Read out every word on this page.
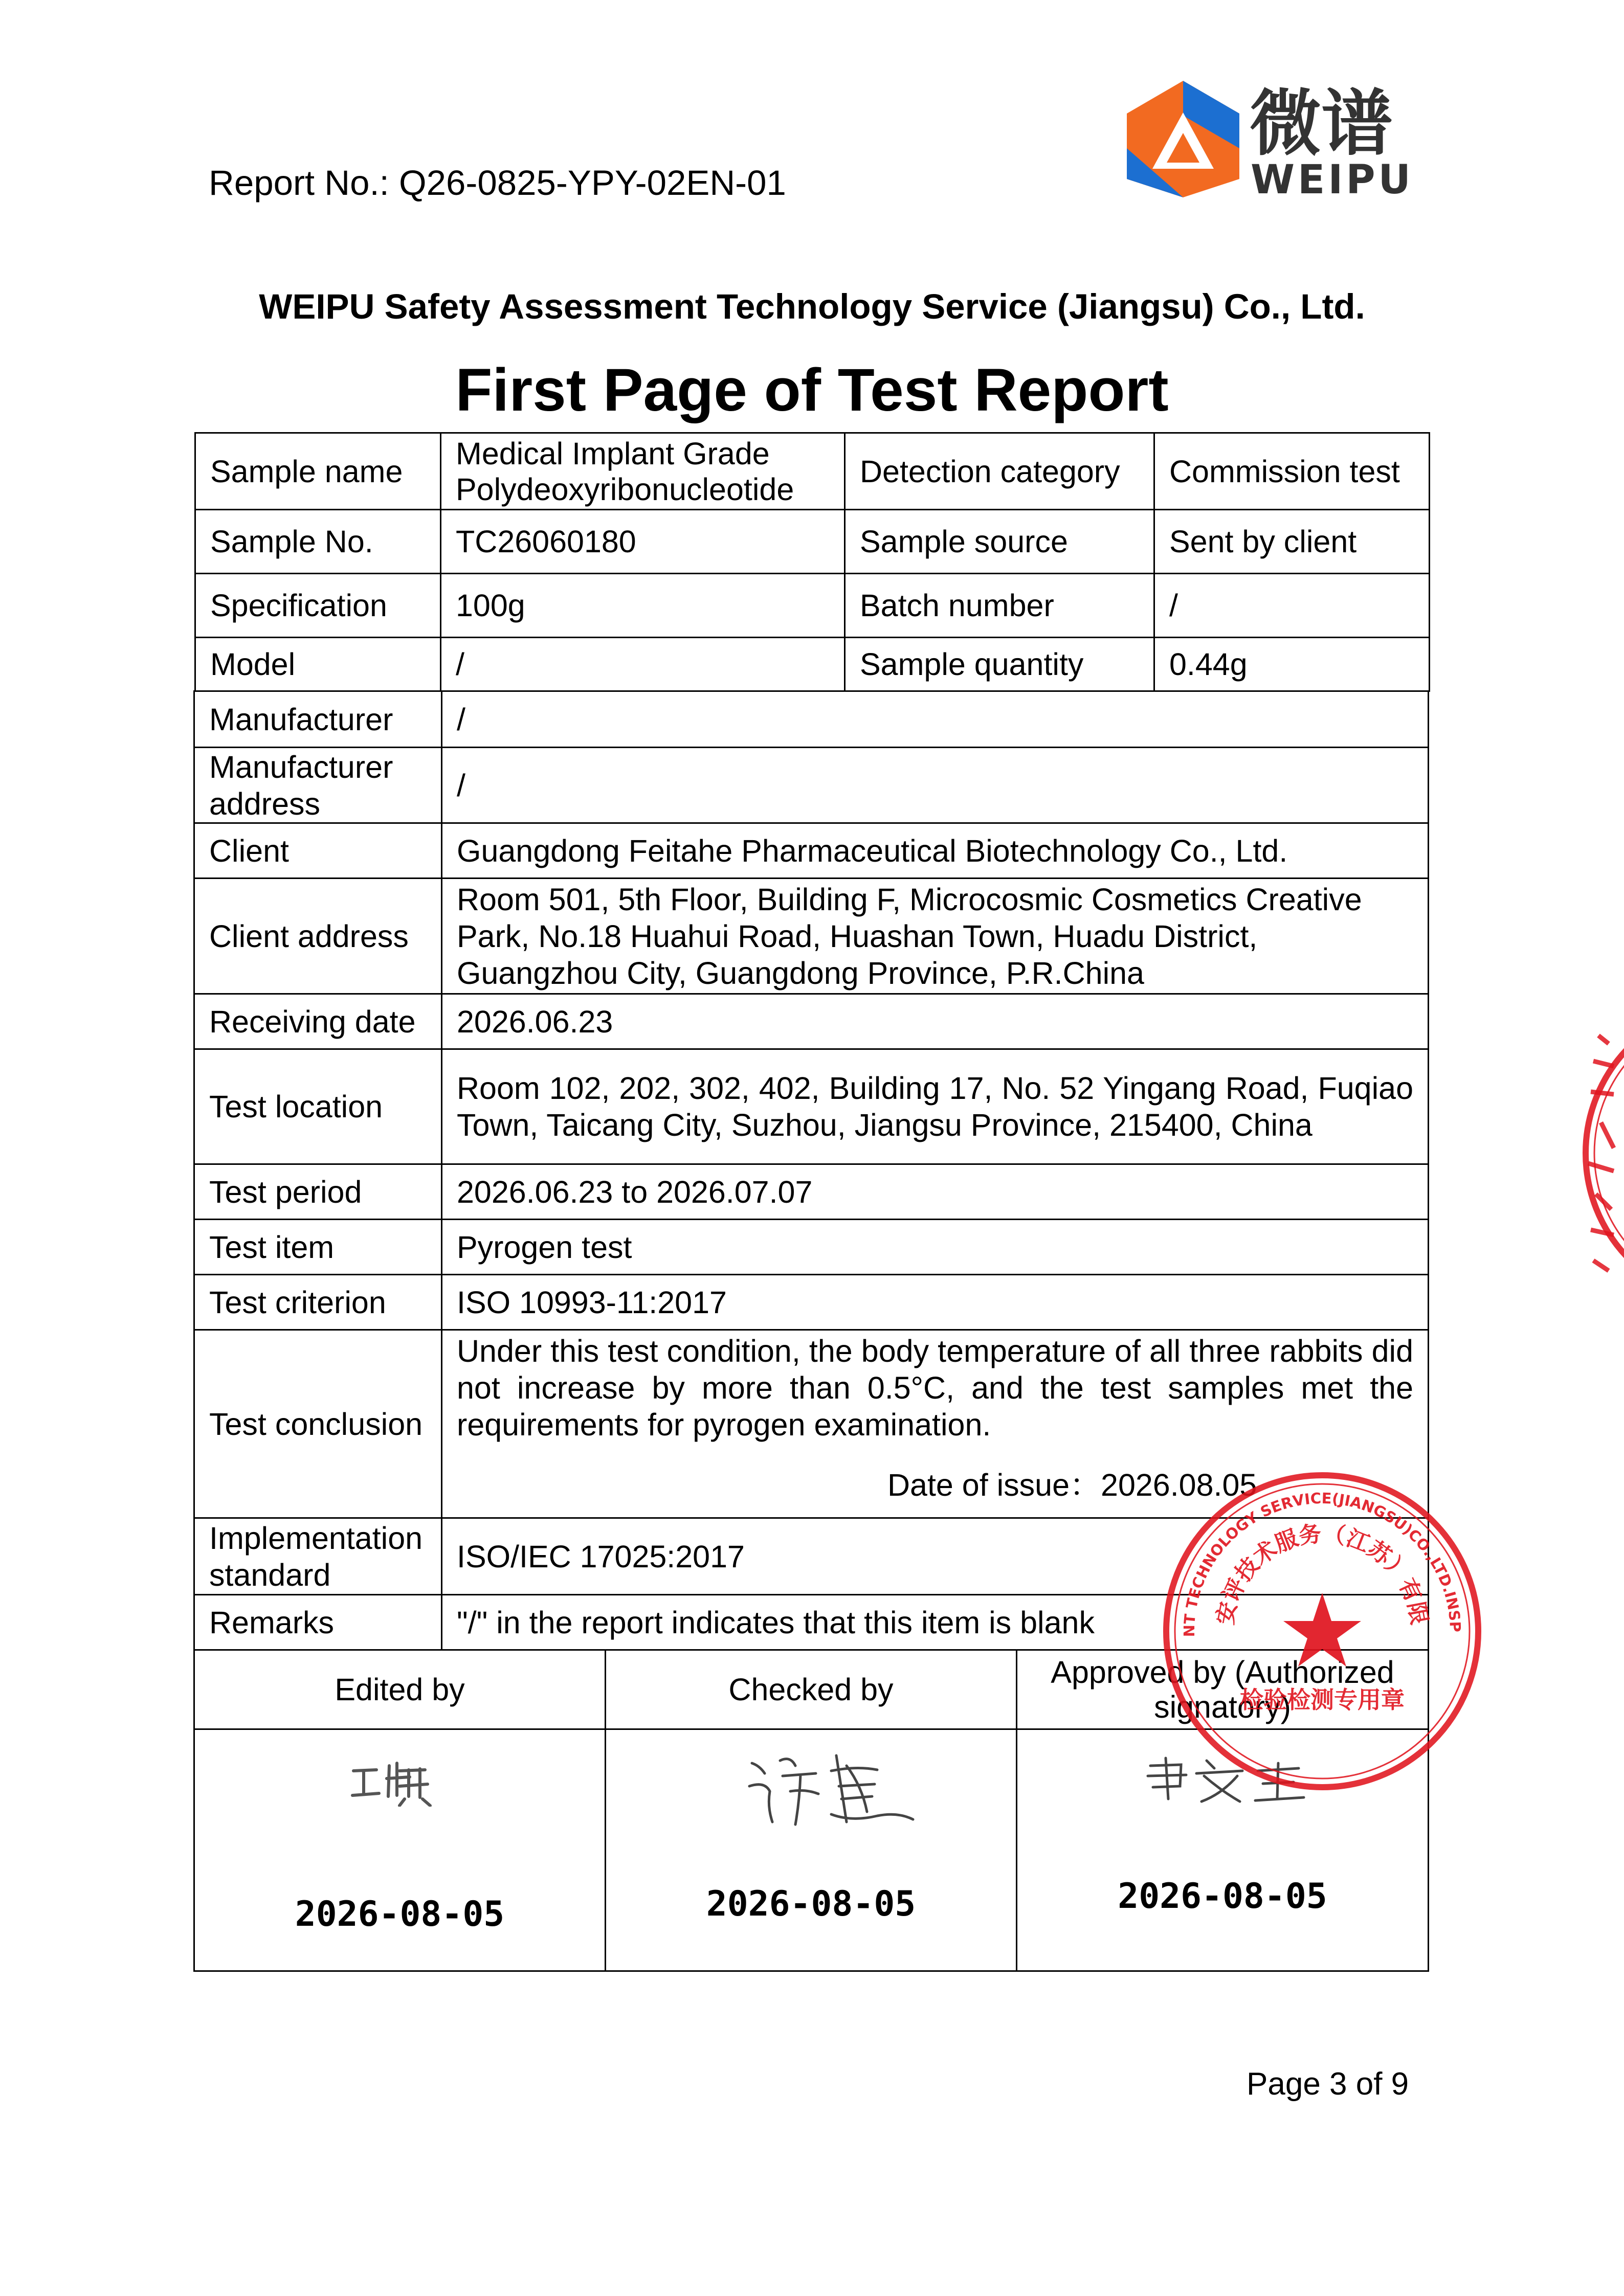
Report No.: Q26-0825-YPY-02EN-01
微谱
WEIPU
WEIPU Safety Assessment Technology Service (Jiangsu) Co., Ltd.
First Page of Test Report
Sample name	Medical Implant Grade Polydeoxyribonucleotide	Detection category	Commission test
Sample No.	TC26060180	Sample source	Sent by client
Specification	100g	Batch number	/
Model	/	Sample quantity	0.44g
Manufacturer	/
Manufacturer address	/
Client	Guangdong Feitahe Pharmaceutical Biotechnology Co., Ltd.
Client address	Room 501, 5th Floor, Building F, Microcosmic Cosmetics Creative Park, No.18 Huahui Road, Huashan Town, Huadu District, Guangzhou City, Guangdong Province, P.R.China
Receiving date	2026.06.23
Test location	Room 102, 202, 302, 402, Building 17, No. 52 Yingang Road, Fuqiao Town, Taicang City, Suzhou, Jiangsu Province, 215400, China
Test period	2026.06.23 to 2026.07.07
Test item	Pyrogen test
Test criterion	ISO 10993-11:2017
Test conclusion	Under this test condition, the body temperature of all three rabbits did not increase by more than 0.5°C, and the test samples met the requirements for pyrogen examination.
Date of issue：2026.08.05

Implementation standard	ISO/IEC 17025:2017
Remarks	"/" in the report indicates that this item is blank
Edited by	Checked by	Approved by (Authorized signatory)

2026-08-05	2026-08-05	2026-08-05
NT TECHNOLOGY SERVICE(JIANGSU)CO.,LTD.INSP
安评技术服务（江苏）有限
检验检测专用章
Page 3 of 9
